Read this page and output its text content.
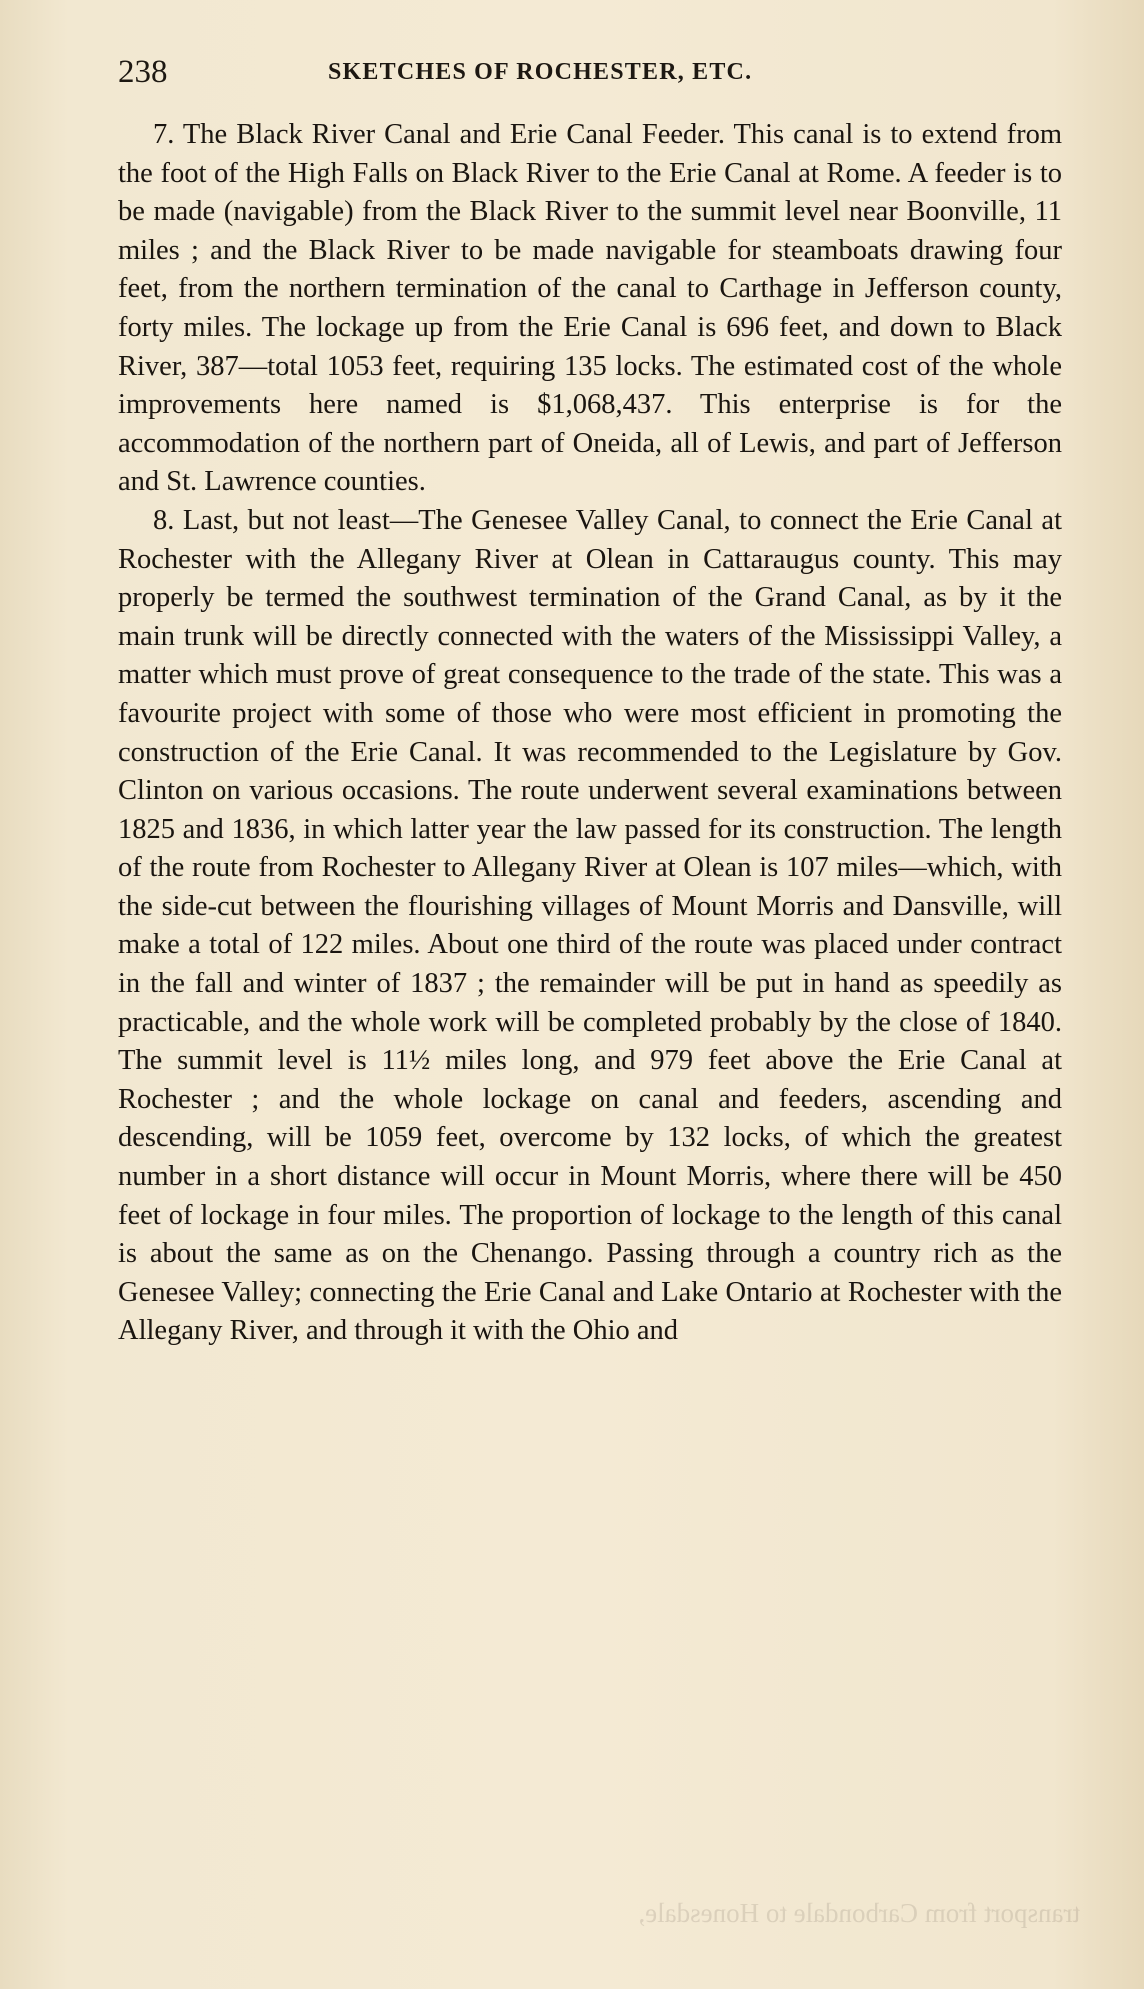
238	SKETCHES OF ROCHESTER, ETC.

7. The Black River Canal and Erie Canal Feeder. This canal is to extend from the foot of the High Falls on Black River to the Erie Canal at Rome. A feeder is to be made (navigable) from the Black River to the summit level near Boonville, 11 miles ; and the Black River to be made navigable for steamboats drawing four feet, from the northern termination of the canal to Carthage in Jefferson county, forty miles. The lockage up from the Erie Canal is 696 feet, and down to Black River, 387—total 1053 feet, requiring 135 locks. The estimated cost of the whole improvements here named is $1,068,437. This enterprise is for the accommodation of the northern part of Oneida, all of Lewis, and part of Jefferson and St. Lawrence counties.

8. Last, but not least—The Genesee Valley Canal, to connect the Erie Canal at Rochester with the Allegany River at Olean in Cattaraugus county. This may properly be termed the southwest termination of the Grand Canal, as by it the main trunk will be directly connected with the waters of the Mississippi Valley, a matter which must prove of great consequence to the trade of the state. This was a favourite project with some of those who were most efficient in promoting the construction of the Erie Canal. It was recommended to the Legislature by Gov. Clinton on various occasions. The route underwent several examinations between 1825 and 1836, in which latter year the law passed for its construction. The length of the route from Rochester to Allegany River at Olean is 107 miles—which, with the side-cut between the flourishing villages of Mount Morris and Dansville, will make a total of 122 miles. About one third of the route was placed under contract in the fall and winter of 1837 ; the remainder will be put in hand as speedily as practicable, and the whole work will be completed probably by the close of 1840. The summit level is 11½ miles long, and 979 feet above the Erie Canal at Rochester ; and the whole lockage on canal and feeders, ascending and descending, will be 1059 feet, overcome by 132 locks, of which the greatest number in a short distance will occur in Mount Morris, where there will be 450 feet of lockage in four miles. The proportion of lockage to the length of this canal is about the same as on the Chenango. Passing through a country rich as the Genesee Valley; connecting the Erie Canal and Lake Ontario at Rochester with the Allegany River, and through it with the Ohio and

transport from Carbondale to Honesdale,
